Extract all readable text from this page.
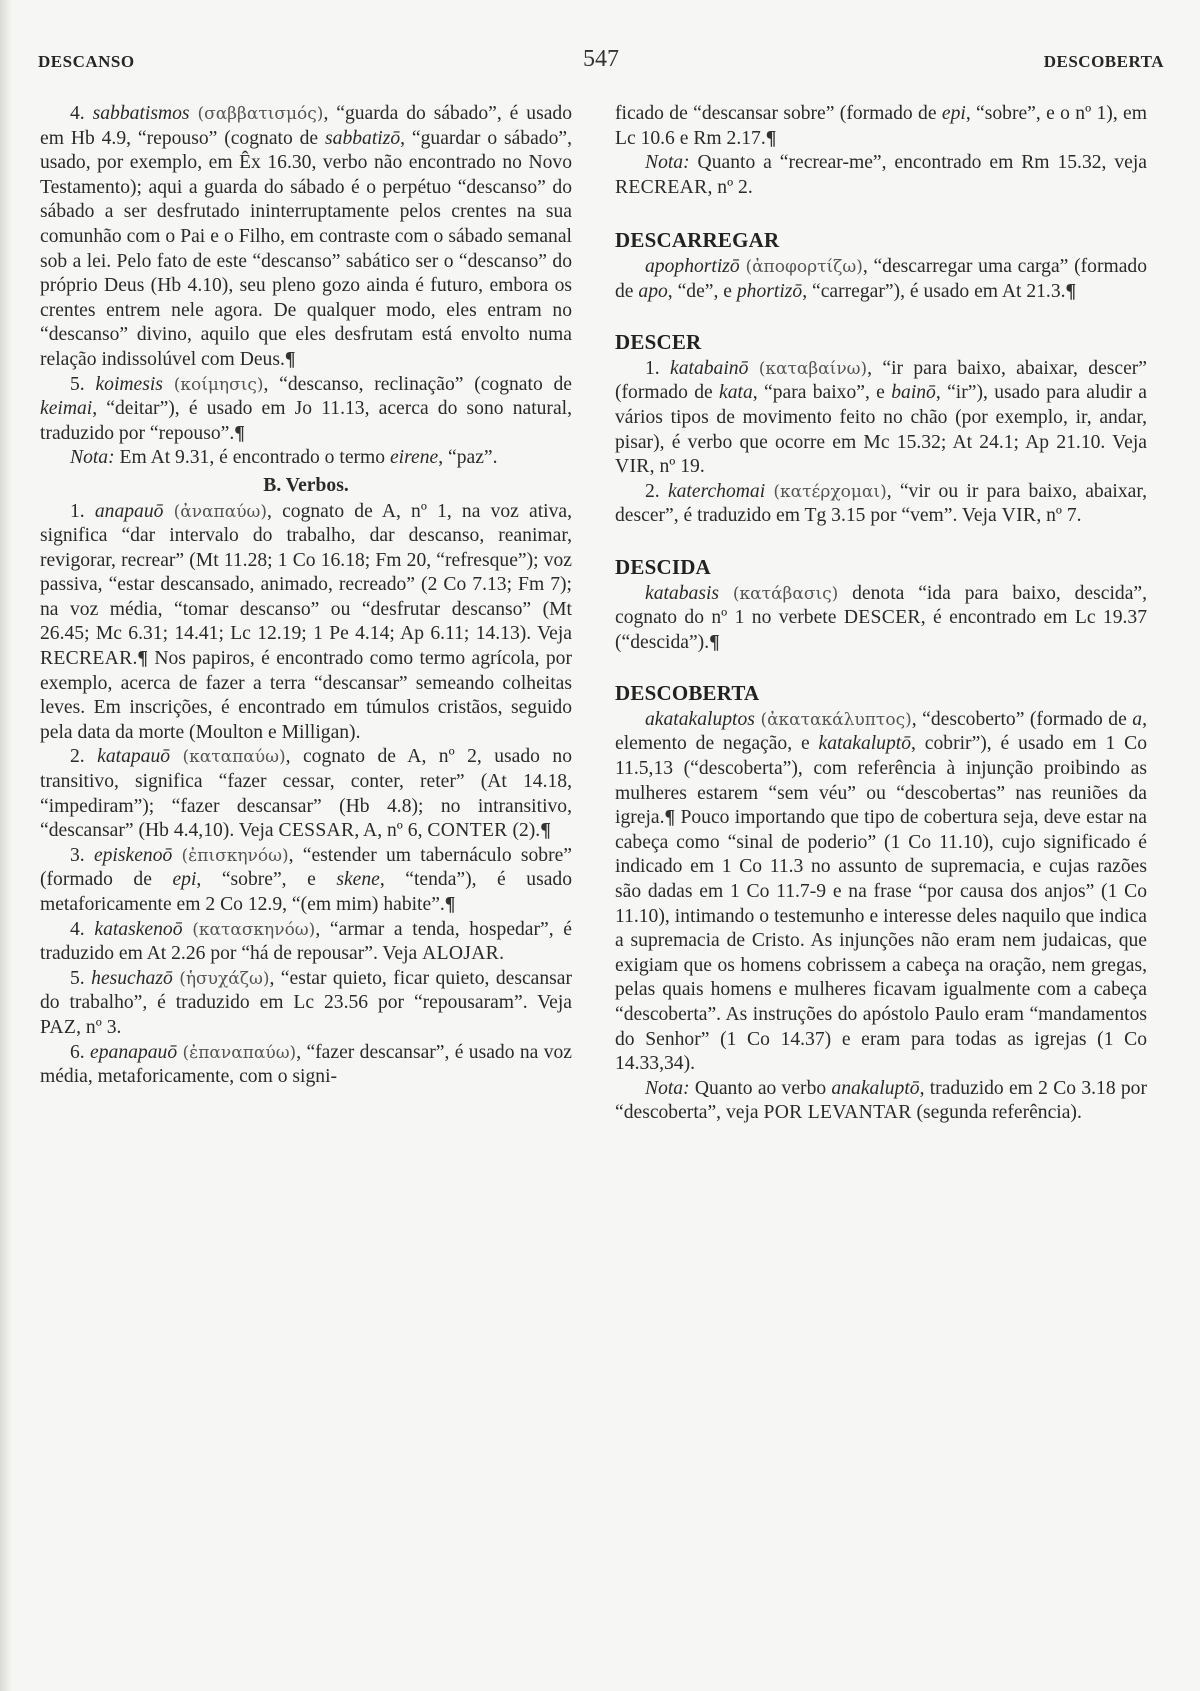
DESCANSO	547	DESCOBERTA

4. sabbatismos (σαββατισμός), “guarda do sábado”, é usado em Hb 4.9, “repouso” (cognato de sabbatizō, “guardar o sábado”, usado, por exemplo, em Êx 16.30, verbo não encontrado no Novo Testamento); aqui a guarda do sábado é o perpétuo “descanso” do sábado a ser desfrutado ininterruptamente pelos crentes na sua comunhão com o Pai e o Filho, em contraste com o sábado semanal sob a lei. Pelo fato de este “descanso” sabático ser o “descanso” do próprio Deus (Hb 4.10), seu pleno gozo ainda é futuro, embora os crentes entrem nele agora. De qualquer modo, eles entram no “descanso” divino, aquilo que eles desfrutam está envolto numa relação indissolúvel com Deus.¶

5. koimesis (κοίμησις), “descanso, reclinação” (cognato de keimai, “deitar”), é usado em Jo 11.13, acerca do sono natural, traduzido por “repouso”.¶

Nota: Em At 9.31, é encontrado o termo eirene, “paz”.

B. Verbos.

1. anapauō (ἀναπαύω), cognato de A, nº 1, na voz ativa, significa “dar intervalo do trabalho, dar descanso, reanimar, revigorar, recrear” (Mt 11.28; 1 Co 16.18; Fm 20, “refresque”); voz passiva, “estar descansado, animado, recreado” (2 Co 7.13; Fm 7); na voz média, “tomar descanso” ou “desfrutar descanso” (Mt 26.45; Mc 6.31; 14.41; Lc 12.19; 1 Pe 4.14; Ap 6.11; 14.13). Veja RECREAR.¶ Nos papiros, é encontrado como termo agrícola, por exemplo, acerca de fazer a terra “descansar” semeando colheitas leves. Em inscrições, é encontrado em túmulos cristãos, seguido pela data da morte (Moulton e Milligan).

2. katapauō (καταπαύω), cognato de A, nº 2, usado no transitivo, significa “fazer cessar, conter, reter” (At 14.18, “impediram”); “fazer descansar” (Hb 4.8); no intransitivo, “descansar” (Hb 4.4,10). Veja CESSAR, A, nº 6, CONTER (2).¶

3. episkenoō (ἐπισκηνόω), “estender um tabernáculo sobre” (formado de epi, “sobre”, e skene, “tenda”), é usado metaforicamente em 2 Co 12.9, “(em mim) habite”.¶

4. kataskenoō (κατασκηνόω), “armar a tenda, hospedar”, é traduzido em At 2.26 por “há de repousar”. Veja ALOJAR.

5. hesuchazō (ἡσυχάζω), “estar quieto, ficar quieto, descansar do trabalho”, é traduzido em Lc 23.56 por “repousaram”. Veja PAZ, nº 3.

6. epanapauō (ἐπαναπαύω), “fazer descansar”, é usado na voz média, metaforicamente, com o signi-

ficado de “descansar sobre” (formado de epi, “sobre”, e o nº 1), em Lc 10.6 e Rm 2.17.¶

Nota: Quanto a “recrear-me”, encontrado em Rm 15.32, veja RECREAR, nº 2.

DESCARREGAR

apophortizō (ἀποφορτίζω), “descarregar uma carga” (formado de apo, “de”, e phortizō, “carregar”), é usado em At 21.3.¶

DESCER

1. katabainō (καταβαίνω), “ir para baixo, abaixar, descer” (formado de kata, “para baixo”, e bainō, “ir”), usado para aludir a vários tipos de movimento feito no chão (por exemplo, ir, andar, pisar), é verbo que ocorre em Mc 15.32; At 24.1; Ap 21.10. Veja VIR, nº 19.

2. katerchomai (κατέρχομαι), “vir ou ir para baixo, abaixar, descer”, é traduzido em Tg 3.15 por “vem”. Veja VIR, nº 7.

DESCIDA

katabasis (κατάβασις) denota “ida para baixo, descida”, cognato do nº 1 no verbete DESCER, é encontrado em Lc 19.37 (“descida”).¶

DESCOBERTA

akatakaluptos (ἀκατακάλυπτος), “descoberto” (formado de a, elemento de negação, e katakaluptō, cobrir”), é usado em 1 Co 11.5,13 (“descoberta”), com referência à injunção proibindo as mulheres estarem “sem véu” ou “descobertas” nas reuniões da igreja.¶ Pouco importando que tipo de cobertura seja, deve estar na cabeça como “sinal de poderio” (1 Co 11.10), cujo significado é indicado em 1 Co 11.3 no assunto de supremacia, e cujas razões são dadas em 1 Co 11.7-9 e na frase “por causa dos anjos” (1 Co 11.10), intimando o testemunho e interesse deles naquilo que indica a supremacia de Cristo. As injunções não eram nem judaicas, que exigiam que os homens cobrissem a cabeça na oração, nem gregas, pelas quais homens e mulheres ficavam igualmente com a cabeça “descoberta”. As instruções do apóstolo Paulo eram “mandamentos do Senhor” (1 Co 14.37) e eram para todas as igrejas (1 Co 14.33,34).

Nota: Quanto ao verbo anakaluptō, traduzido em 2 Co 3.18 por “descoberta”, veja POR LEVANTAR (segunda referência).
